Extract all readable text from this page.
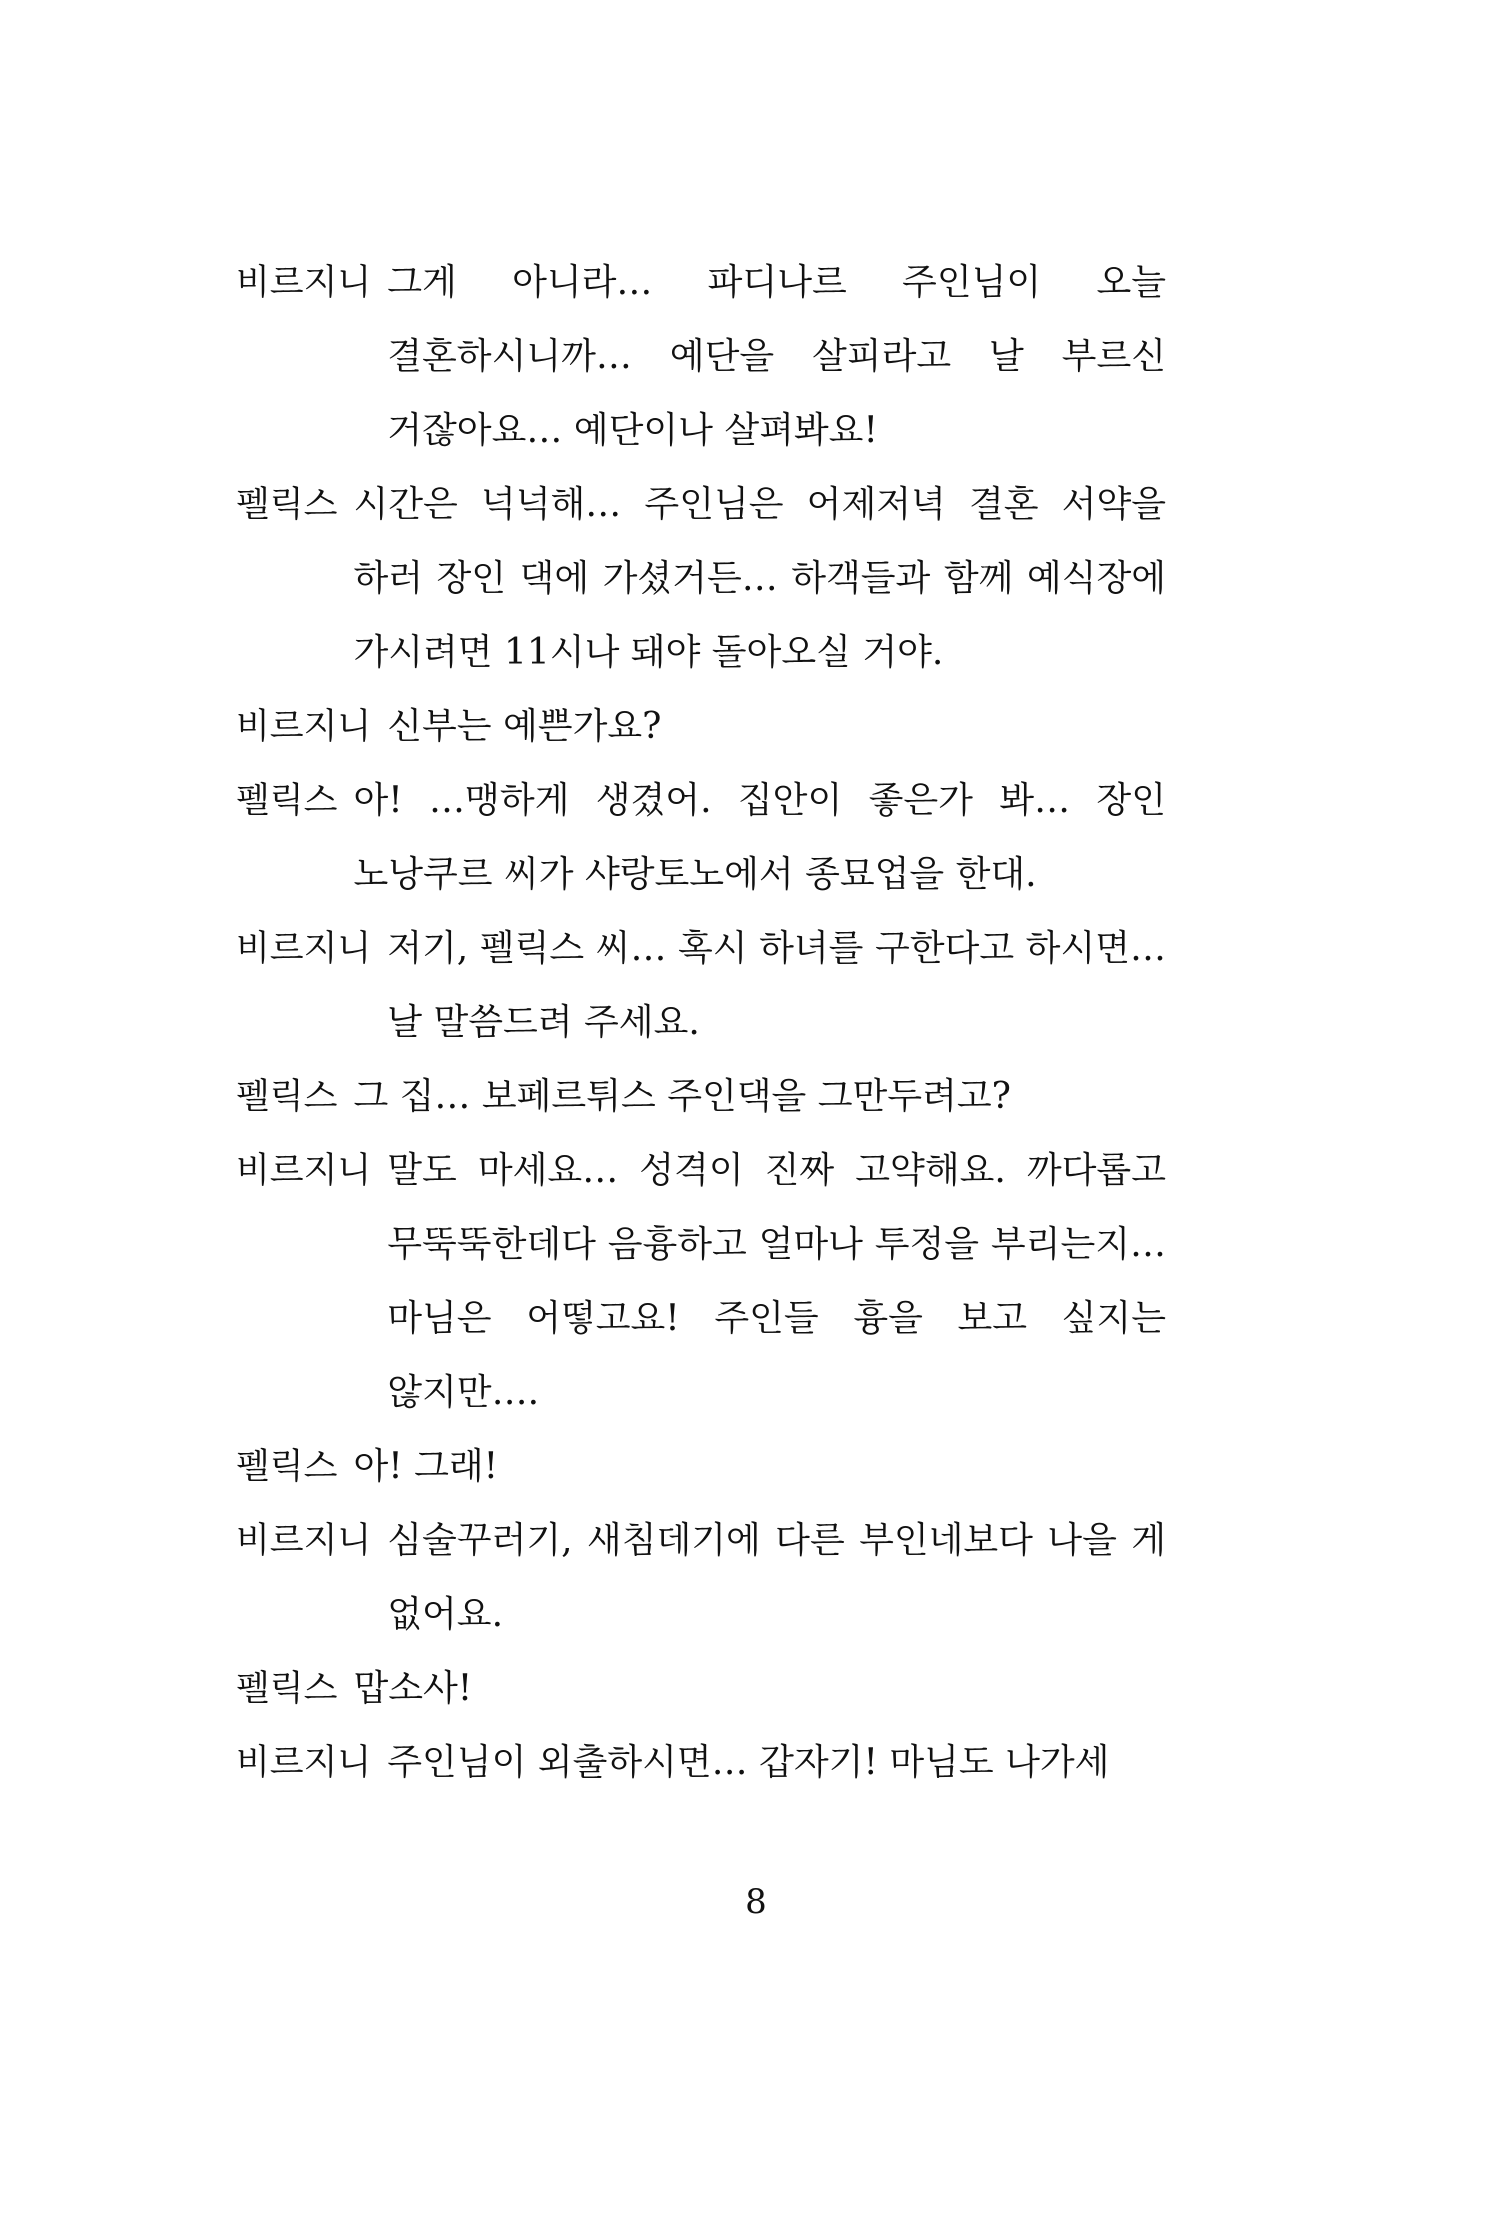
비르지니 그게 아니라… 파디나르 주인님이 오늘 결혼하시니까… 예단을 살피라고 날 부르신 거잖아요… 예단이나 살펴봐요!
펠릭스 시간은 넉넉해… 주인님은 어제저녁 결혼 서약을 하러 장인 댁에 가셨거든… 하객들과 함께 예식장에 가시려면 11시나 돼야 돌아오실 거야.
비르지니 신부는 예쁜가요?
펠릭스 아! …맹하게 생겼어. 집안이 좋은가 봐… 장인 노낭쿠르 씨가 샤랑토노에서 종묘업을 한대.
비르지니 저기, 펠릭스 씨… 혹시 하녀를 구한다고 하시면… 날 말씀드려 주세요.
펠릭스 그 집… 보페르튀스 주인댁을 그만두려고?
비르지니 말도 마세요… 성격이 진짜 고약해요. 까다롭고 무뚝뚝한데다 음흉하고 얼마나 투정을 부리는지… 마님은 어떻고요! 주인들 흉을 보고 싶지는 않지만….
펠릭스 아! 그래!
비르지니 심술꾸러기, 새침데기에 다른 부인네보다 나을 게 없어요.
펠릭스 맙소사!
비르지니 주인님이 외출하시면… 갑자기! 마님도 나가세
8
